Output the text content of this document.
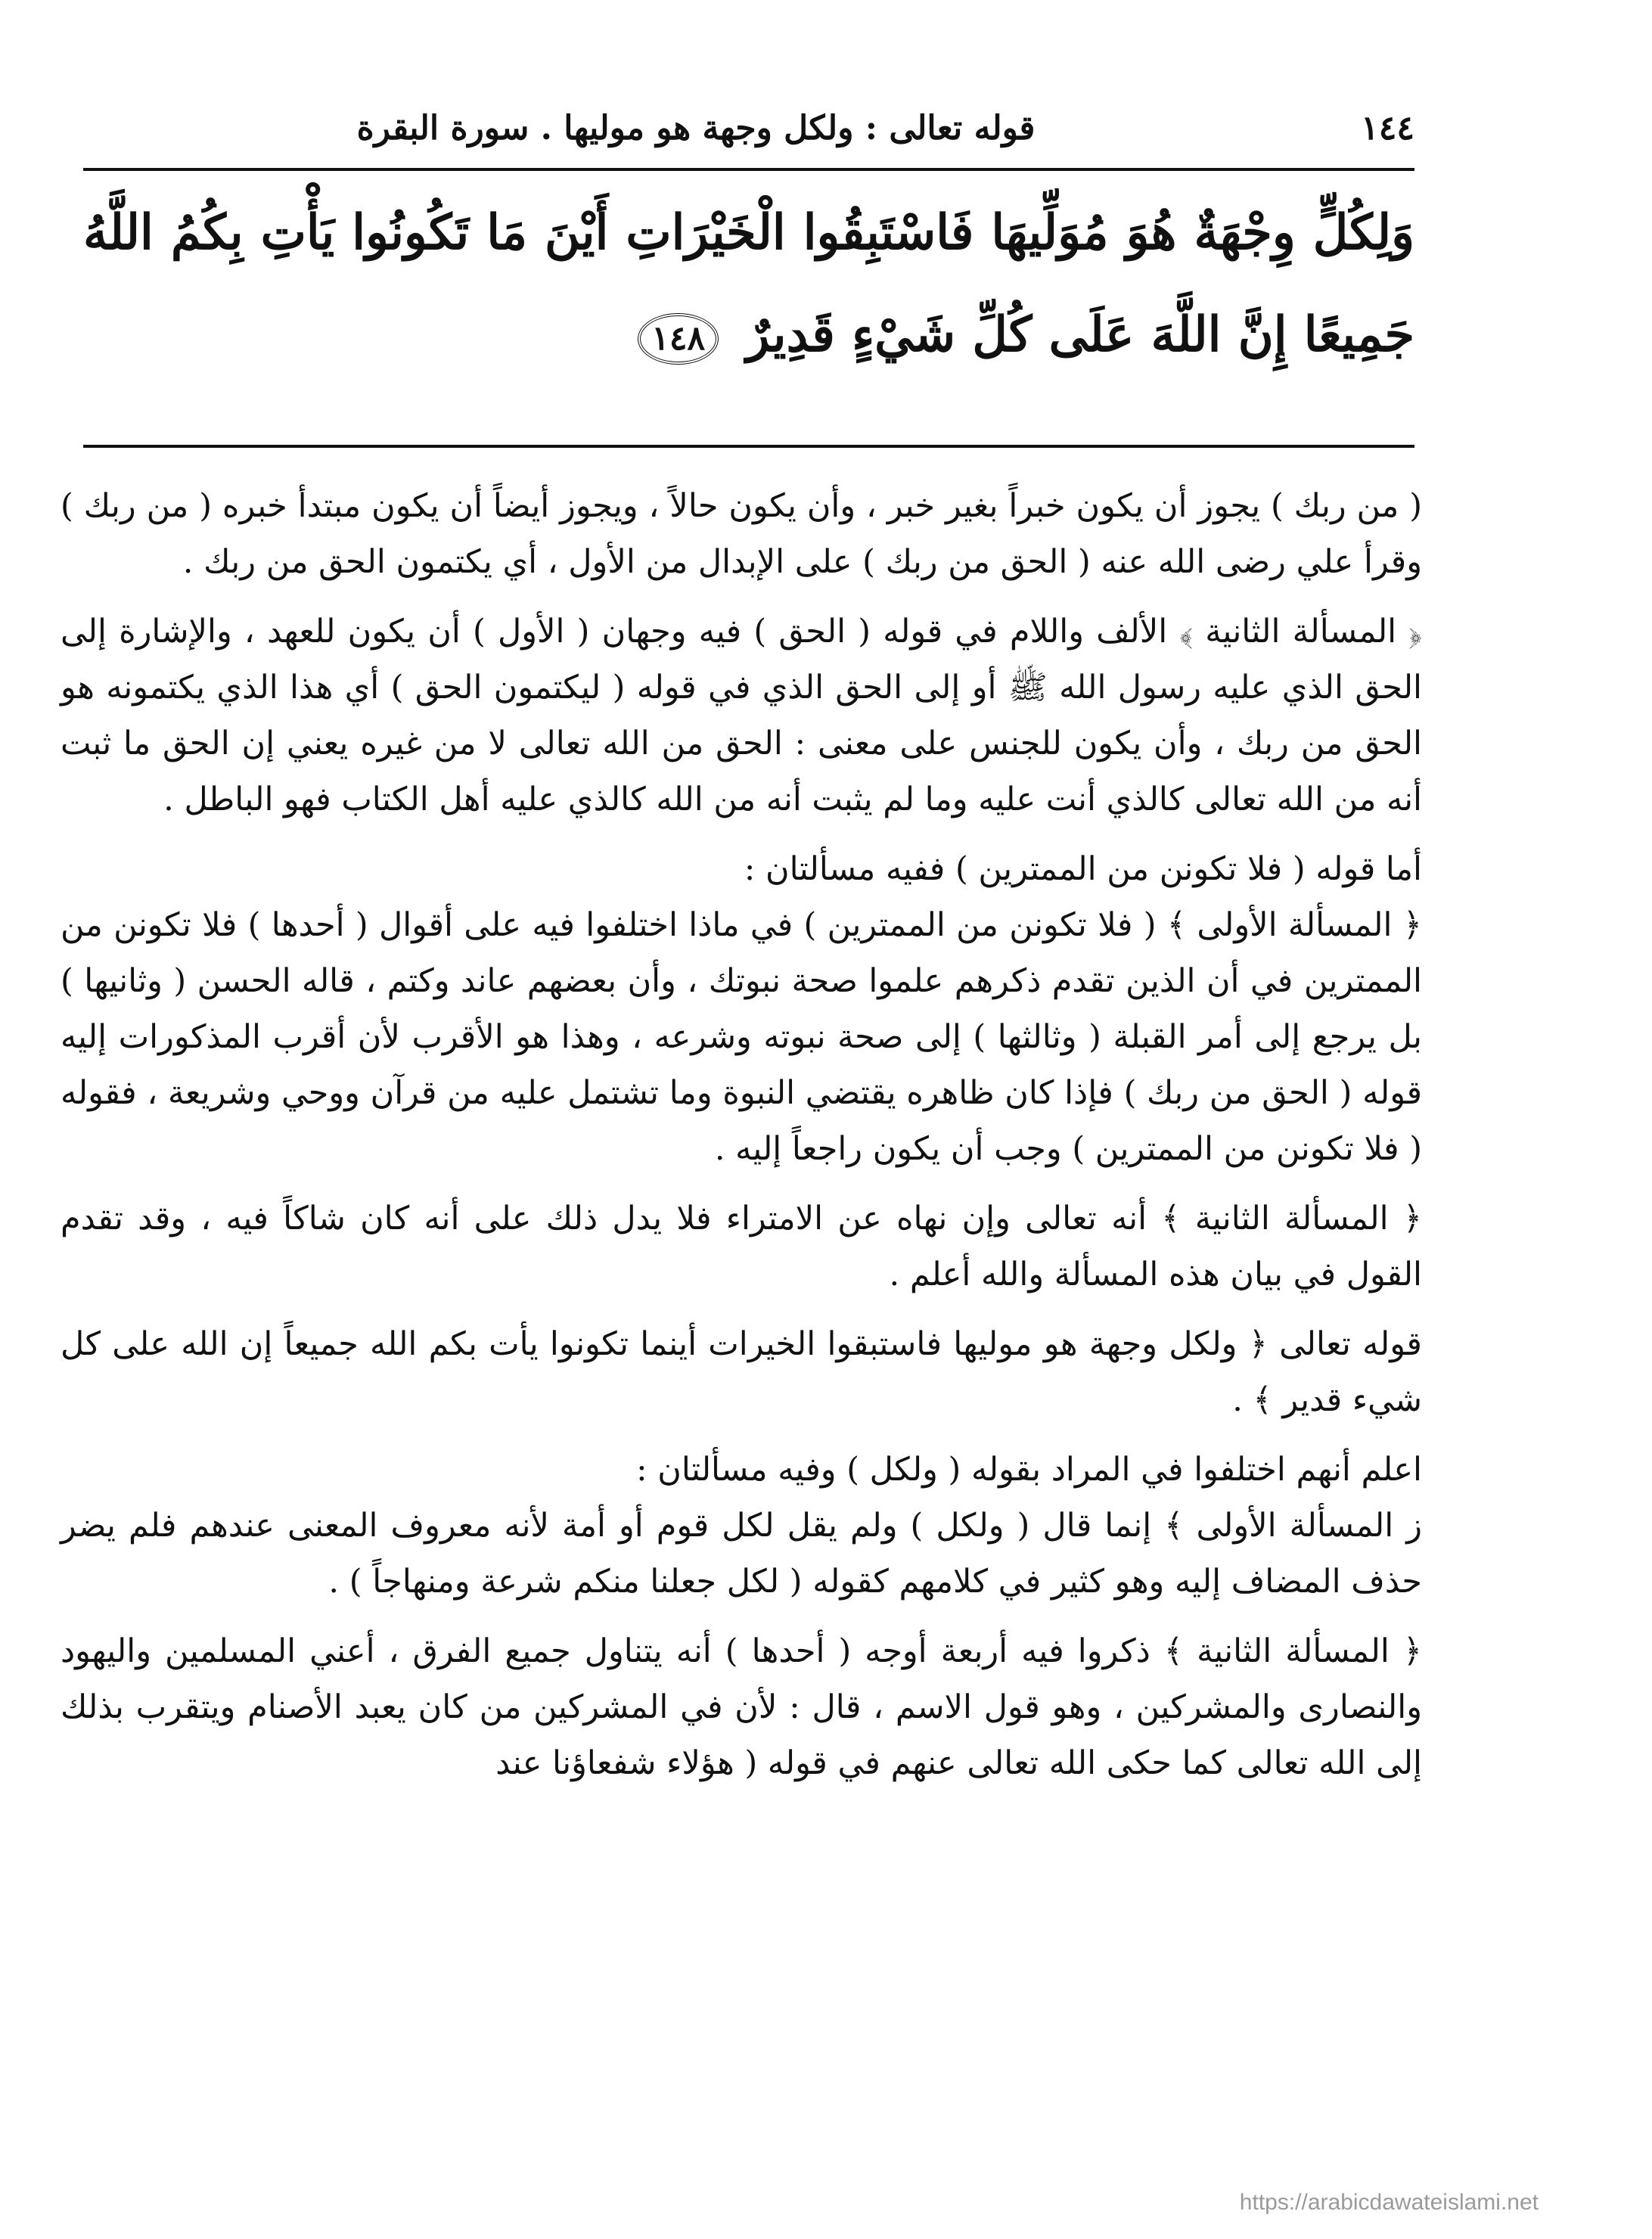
١٤٤
قوله تعالى : ولكل وجهة هو موليها . سورة البقرة
وَلِكُلٍّ وِجْهَةٌ هُوَ مُوَلِّيهَا فَاسْتَبِقُوا الْخَيْرَاتِ أَيْنَ مَا تَكُونُوا يَأْتِ بِكُمُ اللَّهُ جَمِيعًا إِنَّ اللَّهَ عَلَى كُلِّ شَيْءٍ قَدِيرٌ ١٤٨

( من ربك ) يجوز أن يكون خبراً بغير خبر ، وأن يكون حالاً ، ويجوز أيضاً أن يكون مبتدأ خبره ( من ربك ) وقرأ علي رضى الله عنه ( الحق من ربك ) على الإبدال من الأول ، أي يكتمون الحق من ربك .

﴿ المسألة الثانية ﴾ الألف واللام في قوله ( الحق ) فيه وجهان ( الأول ) أن يكون للعهد ، والإشارة إلى الحق الذي عليه رسول الله ﷺ أو إلى الحق الذي في قوله ( ليكتمون الحق ) أي هذا الذي يكتمونه هو الحق من ربك ، وأن يكون للجنس على معنى : الحق من الله تعالى لا من غيره يعني إن الحق ما ثبت أنه من الله تعالى كالذي أنت عليه وما لم يثبت أنه من الله كالذي عليه أهل الكتاب فهو الباطل .

أما قوله ( فلا تكونن من الممترين ) ففيه مسألتان :

﴿ المسألة الأولى ﴾ ( فلا تكونن من الممترين ) في ماذا اختلفوا فيه على أقوال ( أحدها ) فلا تكونن من الممترين في أن الذين تقدم ذكرهم علموا صحة نبوتك ، وأن بعضهم عاند وكتم ، قاله الحسن ( وثانيها ) بل يرجع إلى أمر القبلة ( وثالثها ) إلى صحة نبوته وشرعه ، وهذا هو الأقرب لأن أقرب المذكورات إليه قوله ( الحق من ربك ) فإذا كان ظاهره يقتضي النبوة وما تشتمل عليه من قرآن ووحي وشريعة ، فقوله ( فلا تكونن من الممترين ) وجب أن يكون راجعاً إليه .

﴿ المسألة الثانية ﴾ أنه تعالى وإن نهاه عن الامتراء فلا يدل ذلك على أنه كان شاكاً فيه ، وقد تقدم القول في بيان هذه المسألة والله أعلم .

قوله تعالى ﴿ ولكل وجهة هو موليها فاستبقوا الخيرات أينما تكونوا يأت بكم الله جميعاً إن الله على كل شيء قدير ﴾ .

اعلم أنهم اختلفوا في المراد بقوله ( ولكل ) وفيه مسألتان :

ز المسألة الأولى ﴾ إنما قال ( ولكل ) ولم يقل لكل قوم أو أمة لأنه معروف المعنى عندهم فلم يضر حذف المضاف إليه وهو كثير في كلامهم كقوله ( لكل جعلنا منكم شرعة ومنهاجاً ) .

﴿ المسألة الثانية ﴾ ذكروا فيه أربعة أوجه ( أحدها ) أنه يتناول جميع الفرق ، أعني المسلمين واليهود والنصارى والمشركين ، وهو قول الاسم ، قال : لأن في المشركين من كان يعبد الأصنام ويتقرب بذلك إلى الله تعالى كما حكى الله تعالى عنهم في قوله ( هؤلاء شفعاؤنا عند

https://arabicdawateislami.net
